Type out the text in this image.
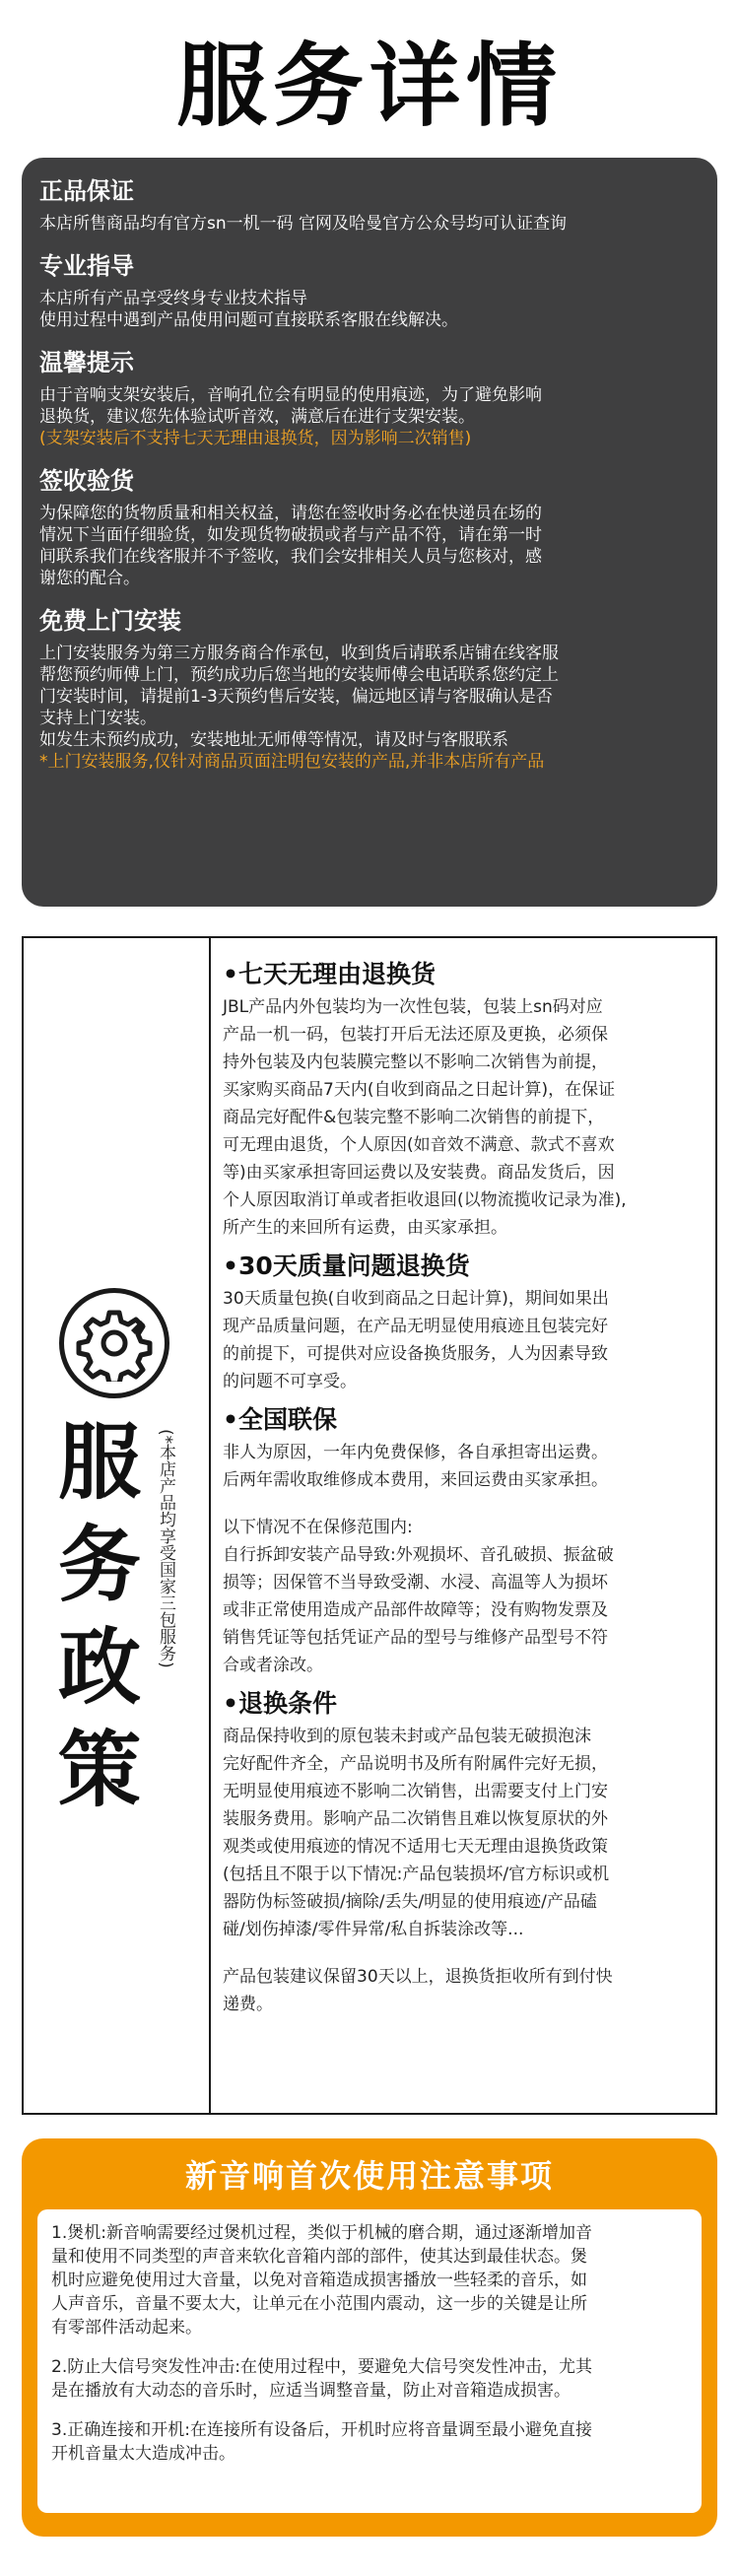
服务详情
正品保证
本店所售商品均有官方sn一机一码 官网及哈曼官方公众号均可认证查询
专业指导
本店所有产品享受终身专业技术指导
使用过程中遇到产品使用问题可直接联系客服在线解决。
温馨提示
由于音响支架安装后，音响孔位会有明显的使用痕迹，为了避免影响
退换货，建议您先体验试听音效，满意后在进行支架安装。
(支架安装后不支持七天无理由退换货，因为影响二次销售)
签收验货
为保障您的货物质量和相关权益，请您在签收时务必在快递员在场的
情况下当面仔细验货，如发现货物破损或者与产品不符，请在第一时
间联系我们在线客服并不予签收，我们会安排相关人员与您核对，感
谢您的配合。
免费上门安装
上门安装服务为第三方服务商合作承包，收到货后请联系店铺在线客服
帮您预约师傅上门，预约成功后您当地的安装师傅会电话联系您约定上
门安装时间，请提前1-3天预约售后安装，偏远地区请与客服确认是否
支持上门安装。
如发生未预约成功，安装地址无师傅等情况，请及时与客服联系
*上门安装服务,仅针对商品页面注明包安装的产品,并非本店所有产品
服
务
政
策
(*本店产品均享受国家三包服务)
•七天无理由退换货
JBL产品内外包装均为一次性包装，包装上sn码对应
产品一机一码，包装打开后无法还原及更换，必须保
持外包装及内包装膜完整以不影响二次销售为前提，
买家购买商品7天内(自收到商品之日起计算)，在保证
商品完好配件&包装完整不影响二次销售的前提下，
可无理由退货，个人原因(如音效不满意、款式不喜欢
等)由买家承担寄回运费以及安装费。商品发货后，因
个人原因取消订单或者拒收退回(以物流揽收记录为准),
所产生的来回所有运费，由买家承担。
•30天质量问题退换货
30天质量包换(自收到商品之日起计算)，期间如果出
现产品质量问题，在产品无明显使用痕迹且包装完好
的前提下，可提供对应设备换货服务，人为因素导致
的问题不可享受。
•全国联保
非人为原因，一年内免费保修，各自承担寄出运费。
后两年需收取维修成本费用，来回运费由买家承担。
以下情况不在保修范围内:
自行拆卸安装产品导致:外观损坏、音孔破损、振盆破
损等；因保管不当导致受潮、水浸、高温等人为损坏
或非正常使用造成产品部件故障等；没有购物发票及
销售凭证等包括凭证产品的型号与维修产品型号不符
合或者涂改。
•退换条件
商品保持收到的原包装未封或产品包装无破损泡沫
完好配件齐全，产品说明书及所有附属件完好无损，
无明显使用痕迹不影响二次销售，出需要支付上门安
装服务费用。影响产品二次销售且难以恢复原状的外
观类或使用痕迹的情况不适用七天无理由退换货政策
(包括且不限于以下情况:产品包装损坏/官方标识或机
器防伪标签破损/摘除/丢失/明显的使用痕迹/产品磕
碰/划伤掉漆/零件异常/私自拆装涂改等...
产品包装建议保留30天以上，退换货拒收所有到付快
递费。
新音响首次使用注意事项
1.煲机:新音响需要经过煲机过程，类似于机械的磨合期，通过逐渐增加音
量和使用不同类型的声音来软化音箱内部的部件，使其达到最佳状态。煲
机时应避免使用过大音量，以免对音箱造成损害播放一些轻柔的音乐，如
人声音乐，音量不要太大，让单元在小范围内震动，这一步的关键是让所
有零部件活动起来。
2.防止大信号突发性冲击:在使用过程中，要避免大信号突发性冲击，尤其
是在播放有大动态的音乐时，应适当调整音量，防止对音箱造成损害。
3.正确连接和开机:在连接所有设备后，开机时应将音量调至最小避免直接
开机音量太大造成冲击。
